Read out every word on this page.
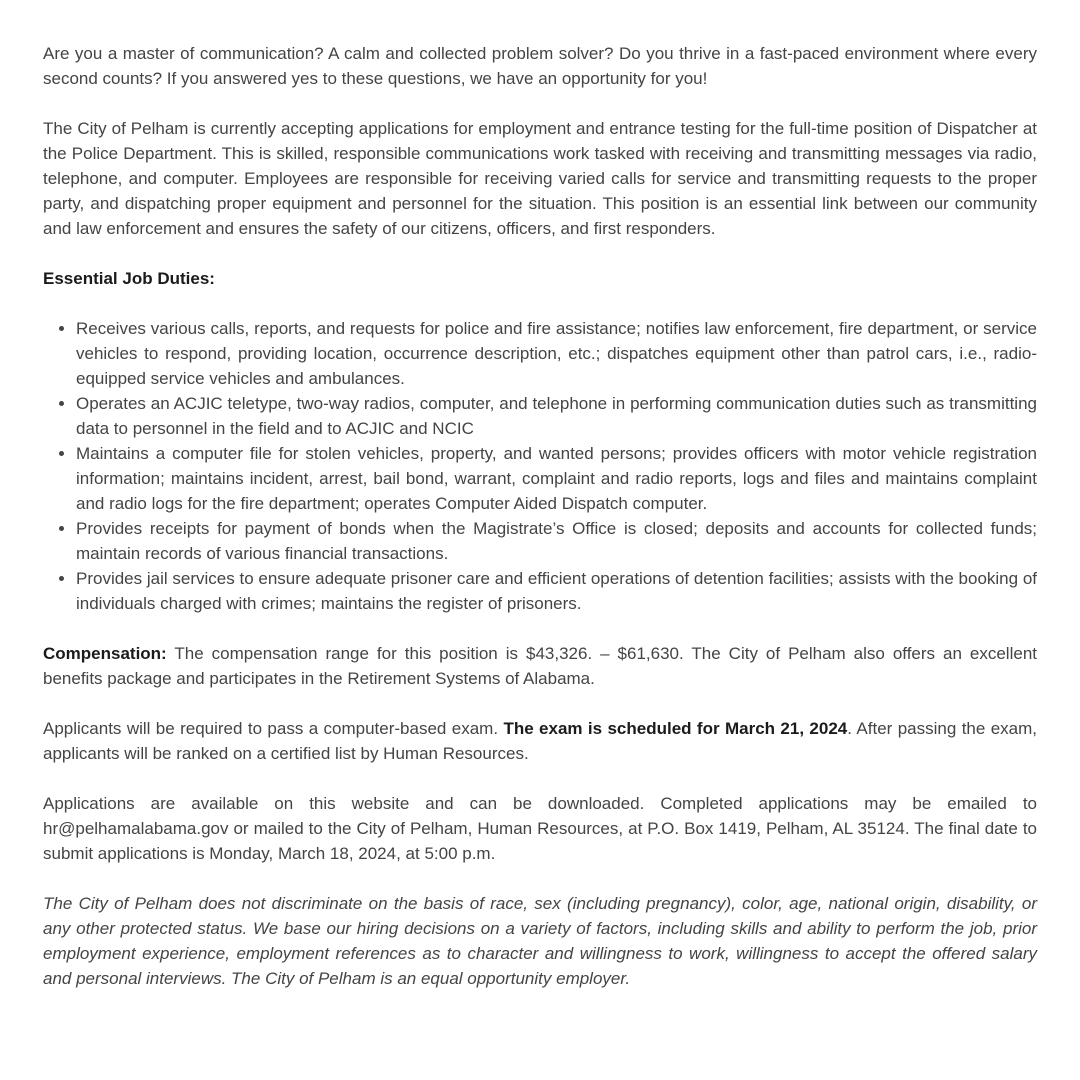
Are you a master of communication? A calm and collected problem solver? Do you thrive in a fast-paced environment where every second counts? If you answered yes to these questions, we have an opportunity for you!

The City of Pelham is currently accepting applications for employment and entrance testing for the full-time position of Dispatcher at the Police Department. This is skilled, responsible communications work tasked with receiving and transmitting messages via radio, telephone, and computer. Employees are responsible for receiving varied calls for service and transmitting requests to the proper party, and dispatching proper equipment and personnel for the situation. This position is an essential link between our community and law enforcement and ensures the safety of our citizens, officers, and first responders.

Essential Job Duties:

• Receives various calls, reports, and requests for police and fire assistance; notifies law enforcement, fire department, or service vehicles to respond, providing location, occurrence description, etc.; dispatches equipment other than patrol cars, i.e., radio-equipped service vehicles and ambulances.
• Operates an ACJIC teletype, two-way radios, computer, and telephone in performing communication duties such as transmitting data to personnel in the field and to ACJIC and NCIC
• Maintains a computer file for stolen vehicles, property, and wanted persons; provides officers with motor vehicle registration information; maintains incident, arrest, bail bond, warrant, complaint and radio reports, logs and files and maintains complaint and radio logs for the fire department; operates Computer Aided Dispatch computer.
• Provides receipts for payment of bonds when the Magistrate’s Office is closed; deposits and accounts for collected funds; maintain records of various financial transactions.
• Provides jail services to ensure adequate prisoner care and efficient operations of detention facilities; assists with the booking of individuals charged with crimes; maintains the register of prisoners.

Compensation: The compensation range for this position is $43,326. – $61,630. The City of Pelham also offers an excellent benefits package and participates in the Retirement Systems of Alabama.

Applicants will be required to pass a computer-based exam. The exam is scheduled for March 21, 2024. After passing the exam, applicants will be ranked on a certified list by Human Resources.

Applications are available on this website and can be downloaded. Completed applications may be emailed to hr@pelhamalabama.gov or mailed to the City of Pelham, Human Resources, at P.O. Box 1419, Pelham, AL 35124. The final date to submit applications is Monday, March 18, 2024, at 5:00 p.m.

The City of Pelham does not discriminate on the basis of race, sex (including pregnancy), color, age, national origin, disability, or any other protected status. We base our hiring decisions on a variety of factors, including skills and ability to perform the job, prior employment experience, employment references as to character and willingness to work, willingness to accept the offered salary and personal interviews. The City of Pelham is an equal opportunity employer.
